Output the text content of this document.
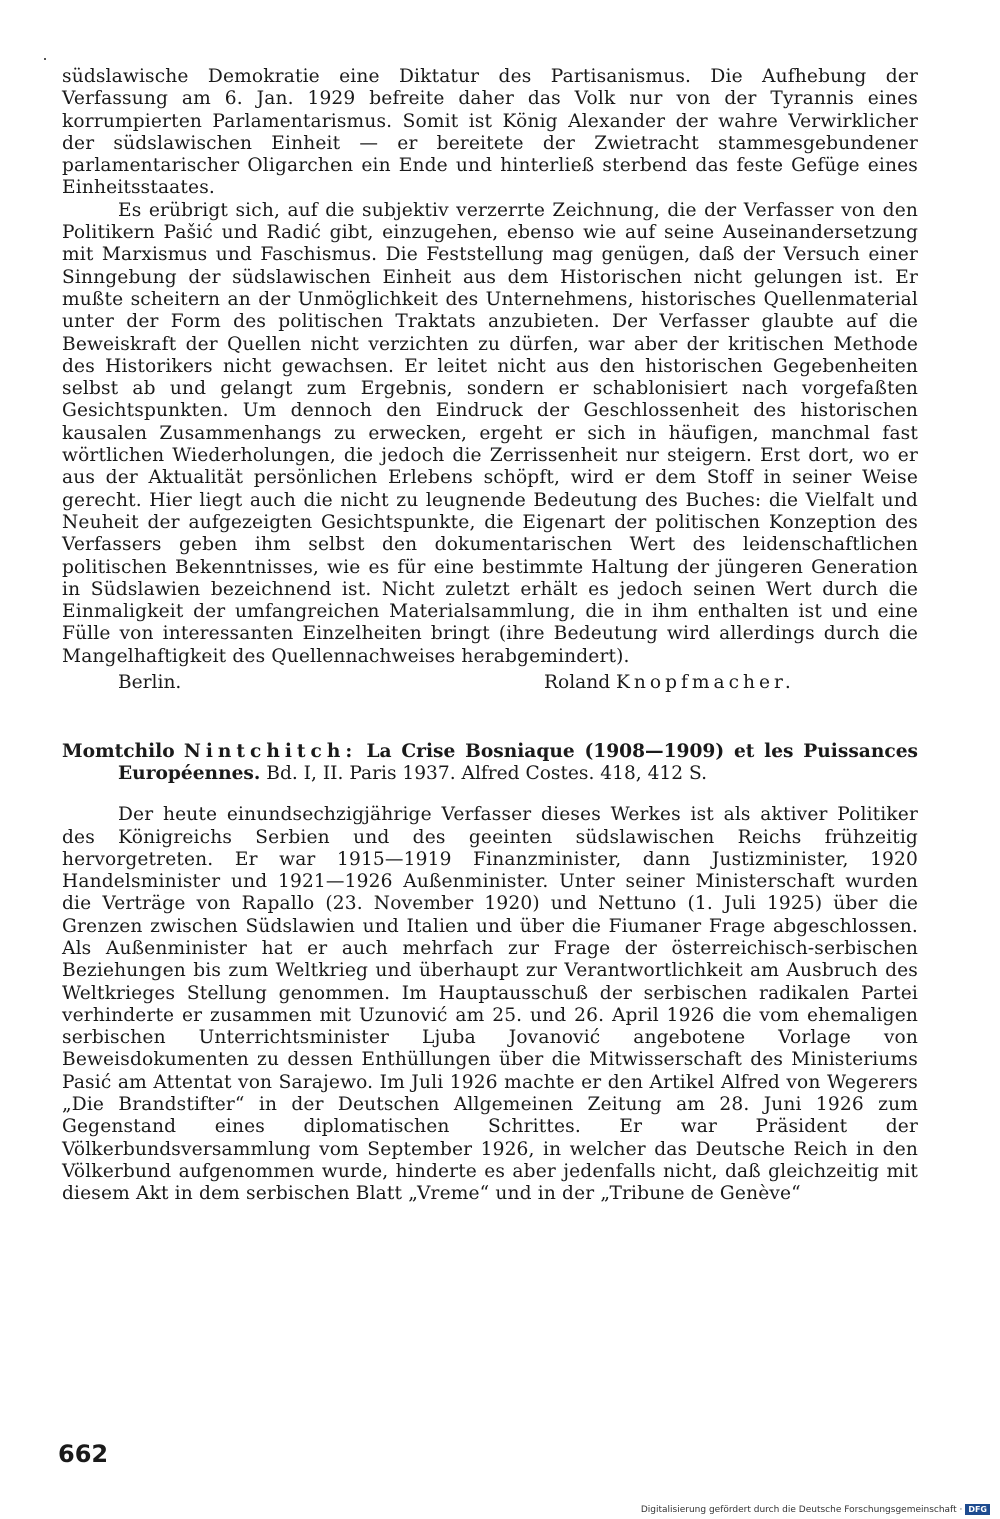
südslawische Demokratie eine Diktatur des Partisanismus. Die Aufhebung der Verfassung am 6. Jan. 1929 befreite daher das Volk nur von der Tyrannis eines korrumpierten Parlamentarismus. Somit ist König Alexander der wahre Verwirklicher der südslawischen Einheit — er bereitete der Zwietracht stammesgebundener parlamentarischer Oligarchen ein Ende und hinterließ sterbend das feste Gefüge eines Einheitsstaates.

Es erübrigt sich, auf die subjektiv verzerrte Zeichnung, die der Verfasser von den Politikern Pašić und Radić gibt, einzugehen, ebenso wie auf seine Auseinandersetzung mit Marxismus und Faschismus. Die Feststellung mag genügen, daß der Versuch einer Sinngebung der südslawischen Einheit aus dem Historischen nicht gelungen ist. Er mußte scheitern an der Unmöglichkeit des Unternehmens, historisches Quellenmaterial unter der Form des politischen Traktats anzubieten. Der Verfasser glaubte auf die Beweiskraft der Quellen nicht verzichten zu dürfen, war aber der kritischen Methode des Historikers nicht gewachsen. Er leitet nicht aus den historischen Gegebenheiten selbst ab und gelangt zum Ergebnis, sondern er schablonisiert nach vorgefaßten Gesichtspunkten. Um dennoch den Eindruck der Geschlossenheit des historischen kausalen Zusammenhangs zu erwecken, ergeht er sich in häufigen, manchmal fast wörtlichen Wiederholungen, die jedoch die Zerrissenheit nur steigern. Erst dort, wo er aus der Aktualität persönlichen Erlebens schöpft, wird er dem Stoff in seiner Weise gerecht. Hier liegt auch die nicht zu leugnende Bedeutung des Buches: die Vielfalt und Neuheit der aufgezeigten Gesichtspunkte, die Eigenart der politischen Konzeption des Verfassers geben ihm selbst den dokumentarischen Wert des leidenschaftlichen politischen Bekenntnisses, wie es für eine bestimmte Haltung der jüngeren Generation in Südslawien bezeichnend ist. Nicht zuletzt erhält es jedoch seinen Wert durch die Einmaligkeit der umfangreichen Materialsammlung, die in ihm enthalten ist und eine Fülle von interessanten Einzelheiten bringt (ihre Bedeutung wird allerdings durch die Mangelhaftigkeit des Quellennachweises herabgemindert).

Berlin.	Roland Knopfmacher.

Momtchilo Nintchitch: La Crise Bosniaque (1908—1909) et les Puissances Européennes. Bd. I, II. Paris 1937. Alfred Costes. 418, 412 S.

Der heute einundsechzigjährige Verfasser dieses Werkes ist als aktiver Politiker des Königreichs Serbien und des geeinten südslawischen Reichs frühzeitig hervorgetreten. Er war 1915—1919 Finanzminister, dann Justizminister, 1920 Handelsminister und 1921—1926 Außenminister. Unter seiner Ministerschaft wurden die Verträge von Rapallo (23. November 1920) und Nettuno (1. Juli 1925) über die Grenzen zwischen Südslawien und Italien und über die Fiumaner Frage abgeschlossen. Als Außenminister hat er auch mehrfach zur Frage der österreichisch-serbischen Beziehungen bis zum Weltkrieg und überhaupt zur Verantwortlichkeit am Ausbruch des Weltkrieges Stellung genommen. Im Hauptausschuß der serbischen radikalen Partei verhinderte er zusammen mit Uzunović am 25. und 26. April 1926 die vom ehemaligen serbischen Unterrichtsminister Ljuba Jovanović angebotene Vorlage von Beweisdokumenten zu dessen Enthüllungen über die Mitwisserschaft des Ministeriums Pasić am Attentat von Sarajewo. Im Juli 1926 machte er den Artikel Alfred von Wegerers „Die Brandstifter“ in der Deutschen Allgemeinen Zeitung am 28. Juni 1926 zum Gegenstand eines diplomatischen Schrittes. Er war Präsident der Völkerbundsversammlung vom September 1926, in welcher das Deutsche Reich in den Völkerbund aufgenommen wurde, hinderte es aber jedenfalls nicht, daß gleichzeitig mit diesem Akt in dem serbischen Blatt „Vreme“ und in der „Tribune de Genève“

662
Digitalisierung gefördert durch die Deutsche Forschungsgemeinschaft · DFG
